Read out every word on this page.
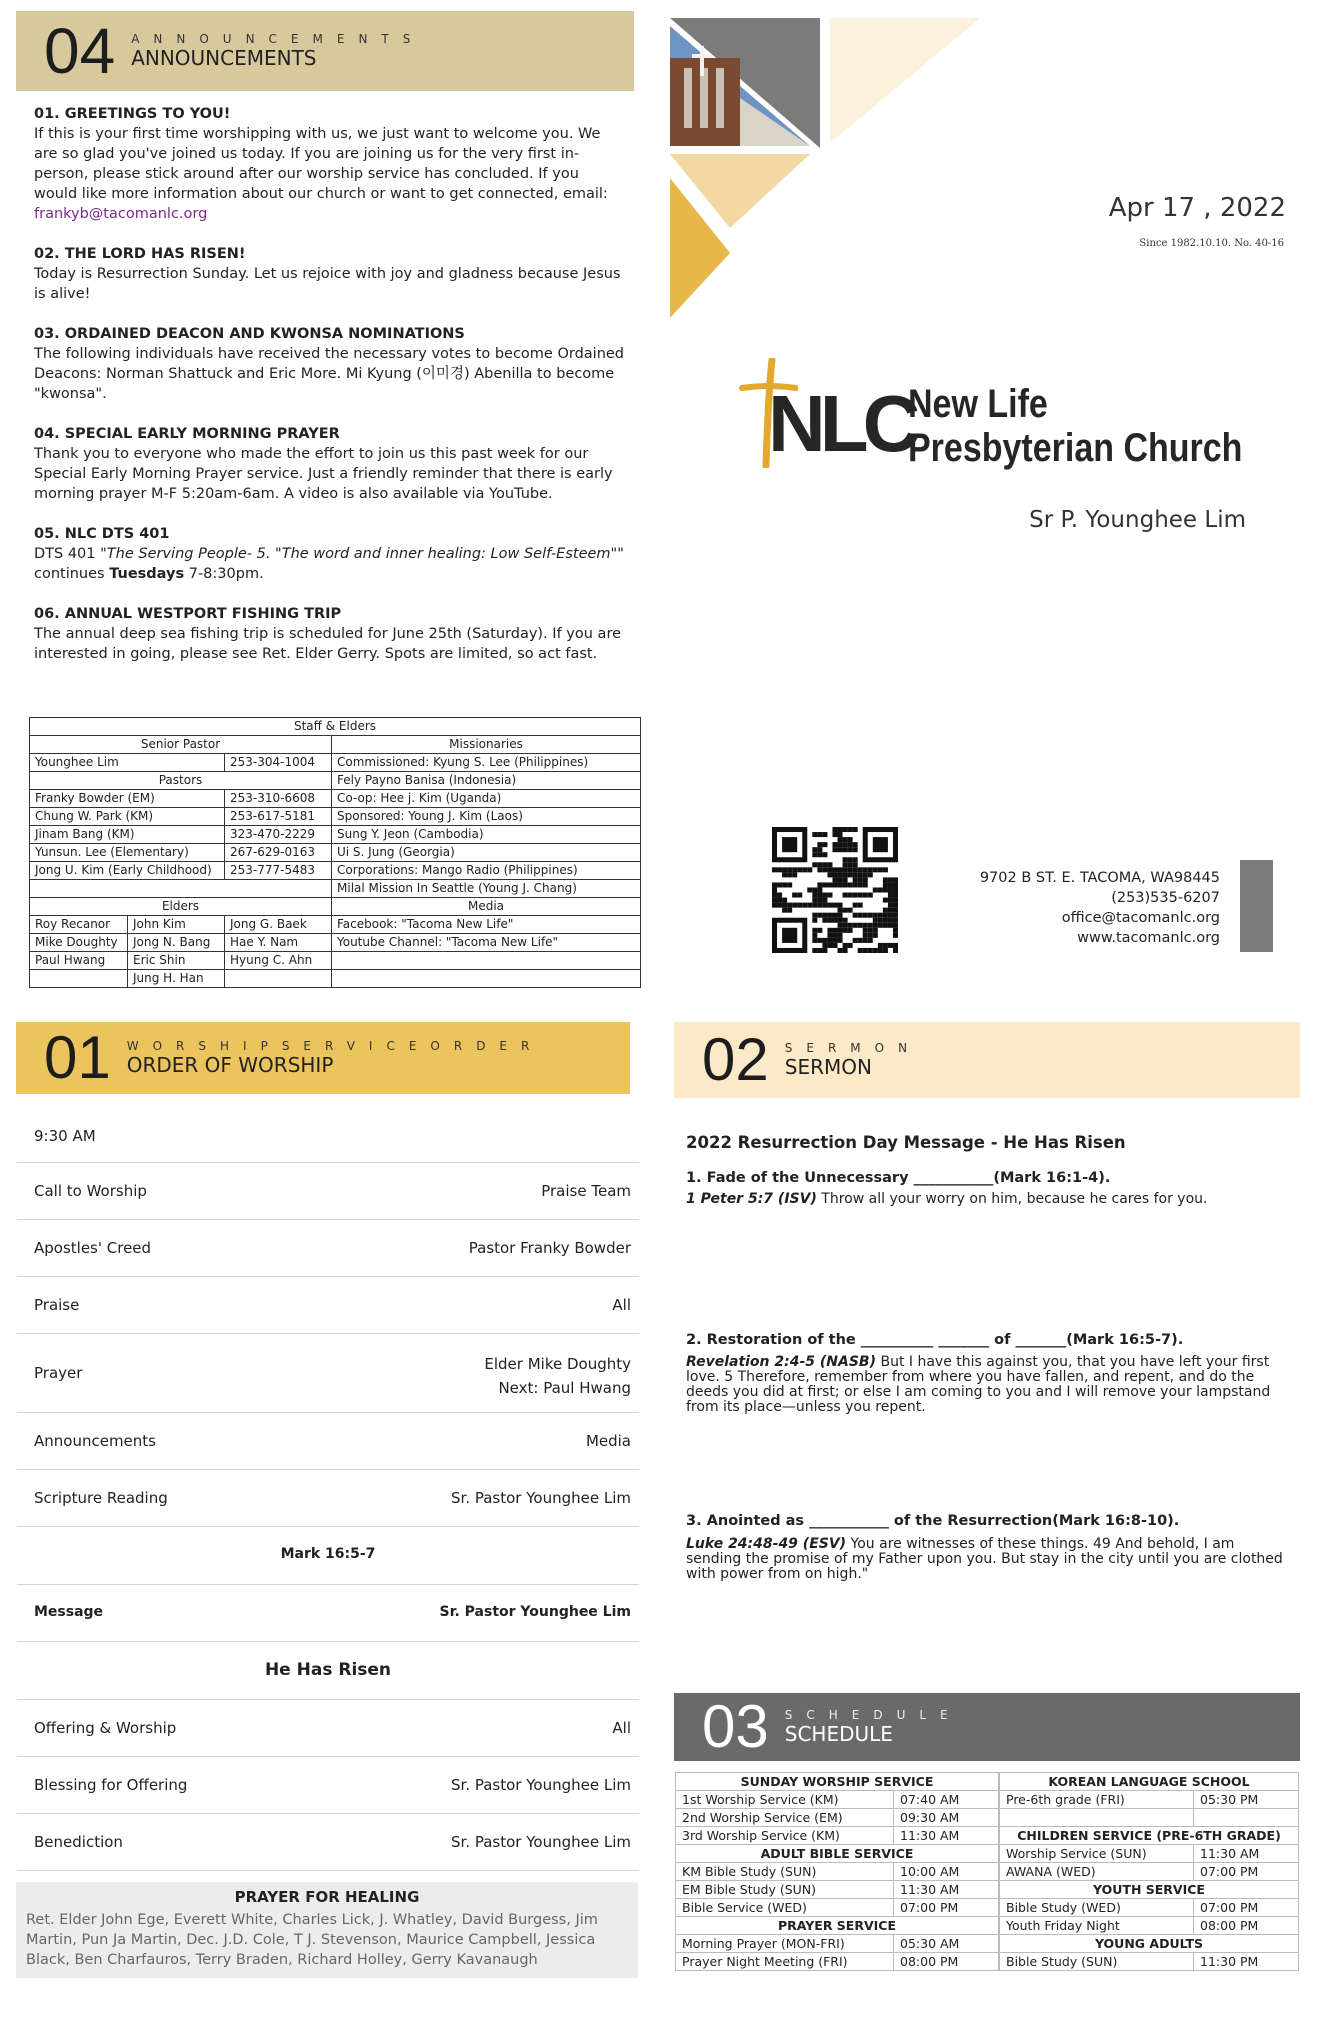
04 ANNOUNCEMENTS
ANNOUNCEMENTS
01. GREETINGS TO YOU!
If this is your first time worshipping with us, we just want to welcome you. We are so glad you've joined us today. If you are joining us for the very first in-person, please stick around after our worship service has concluded. If you would like more information about our church or want to get connected, email:
frankyb@tacomanlc.org
02. THE LORD HAS RISEN!
Today is Resurrection Sunday. Let us rejoice with joy and gladness because Jesus is alive!
03. ORDAINED DEACON AND KWONSA NOMINATIONS
The following individuals have received the necessary votes to become Ordained Deacons: Norman Shattuck and Eric More. Mi Kyung (이미경) Abenilla to become "kwonsa".
04. SPECIAL EARLY MORNING PRAYER
Thank you to everyone who made the effort to join us this past week for our Special Early Morning Prayer service. Just a friendly reminder that there is early morning prayer M-F 5:20am-6am. A video is also available via YouTube.
05. NLC DTS 401
DTS 401 "The Serving People- 5. "The word and inner healing: Low Self-Esteem"" continues Tuesdays 7-8:30pm.
06. ANNUAL WESTPORT FISHING TRIP
The annual deep sea fishing trip is scheduled for June 25th (Saturday). If you are interested in going, please see Ret. Elder Gerry. Spots are limited, so act fast.
Staff & Elders			
Senior Pastor			Missionaries
Younghee Lim		253-304-1004	Commissioned: Kyung S. Lee (Philippines)
Pastors			Fely Payno Banisa (Indonesia)
Franky Bowder (EM)		253-310-6608	Co-op: Hee j. Kim (Uganda)
Chung W. Park (KM)		253-617-5181	Sponsored: Young J. Kim (Laos)
Jinam Bang (KM)		323-470-2229	Sung Y. Jeon (Cambodia)
Yunsun. Lee (Elementary)		267-629-0163	Ui S. Jung (Georgia)
Jong U. Kim (Early Childhood)		253-777-5483	Corporations: Mango Radio (Philippines)
			Milal Mission In Seattle (Young J. Chang)
Elders			Media
Roy Recanor	John Kim	Jong G. Baek	Facebook: "Tacoma New Life"
Mike Doughty	Jong N. Bang	Hae Y. Nam	Youtube Channel: "Tacoma New Life"
Paul Hwang	Eric Shin	Hyung C. Ahn	
	Jung H. Han		
Apr 17 , 2022
Since 1982.10.10. No. 40-16
NLC
New Life
Presbyterian Church
Sr P. Younghee Lim
9702 B ST. E. TACOMA, WA98445
(253)535-6207
office@tacomanlc.org
www.tacomanlc.org
01 WORSHIPSERVICEORDER
ORDER OF WORSHIP
9:30 AM
Call to Worship	Praise Team
Apostles' Creed	Pastor Franky Bowder
Praise	All
Prayer	Elder Mike Doughty
Next: Paul Hwang
Announcements	Media
Scripture Reading	Sr. Pastor Younghee Lim
Mark 16:5-7
Message	Sr. Pastor Younghee Lim
He Has Risen
Offering & Worship	All
Blessing for Offering	Sr. Pastor Younghee Lim
Benediction	Sr. Pastor Younghee Lim
PRAYER FOR HEALING
Ret. Elder John Ege, Everett White, Charles Lick, J. Whatley, David Burgess, Jim Martin, Pun Ja Martin, Dec. J.D. Cole, T J. Stevenson, Maurice Campbell, Jessica Black, Ben Charfauros, Terry Braden, Richard Holley, Gerry Kavanaugh
02 SERMON
SERMON
2022 Resurrection Day Message - He Has Risen
1. Fade of the Unnecessary ___________(Mark 16:1-4).
1 Peter 5:7 (ISV) Throw all your worry on him, because he cares for you.
2. Restoration of the __________ _______ of _______(Mark 16:5-7).
Revelation 2:4-5 (NASB) But I have this against you, that you have left your first love. 5 Therefore, remember from where you have fallen, and repent, and do the deeds you did at first; or else I am coming to you and I will remove your lampstand from its place—unless you repent.
3. Anointed as ___________ of the Resurrection(Mark 16:8-10).
Luke 24:48-49 (ESV) You are witnesses of these things. 49 And behold, I am sending the promise of my Father upon you. But stay in the city until you are clothed with power from on high."
03 SCHEDULE
SCHEDULE
SUNDAY WORSHIP SERVICE	
1st Worship Service (KM)	07:40 AM
2nd Worship Service (EM)	09:30 AM
3rd Worship Service (KM)	11:30 AM
ADULT BIBLE SERVICE	
KM Bible Study (SUN)	10:00 AM
EM Bible Study (SUN)	11:30 AM
Bible Service (WED)	07:00 PM
PRAYER SERVICE	
Morning Prayer (MON-FRI)	05:30 AM
Prayer Night Meeting (FRI)	08:00 PM
KOREAN LANGUAGE SCHOOL	
Pre-6th grade (FRI)	05:30 PM

CHILDREN SERVICE (PRE-6TH GRADE)	
Worship Service (SUN)	11:30 AM
AWANA (WED)	07:00 PM
YOUTH SERVICE	
Bible Study (WED)	07:00 PM
Youth Friday Night	08:00 PM
YOUNG ADULTS	
Bible Study (SUN)	11:30 PM
